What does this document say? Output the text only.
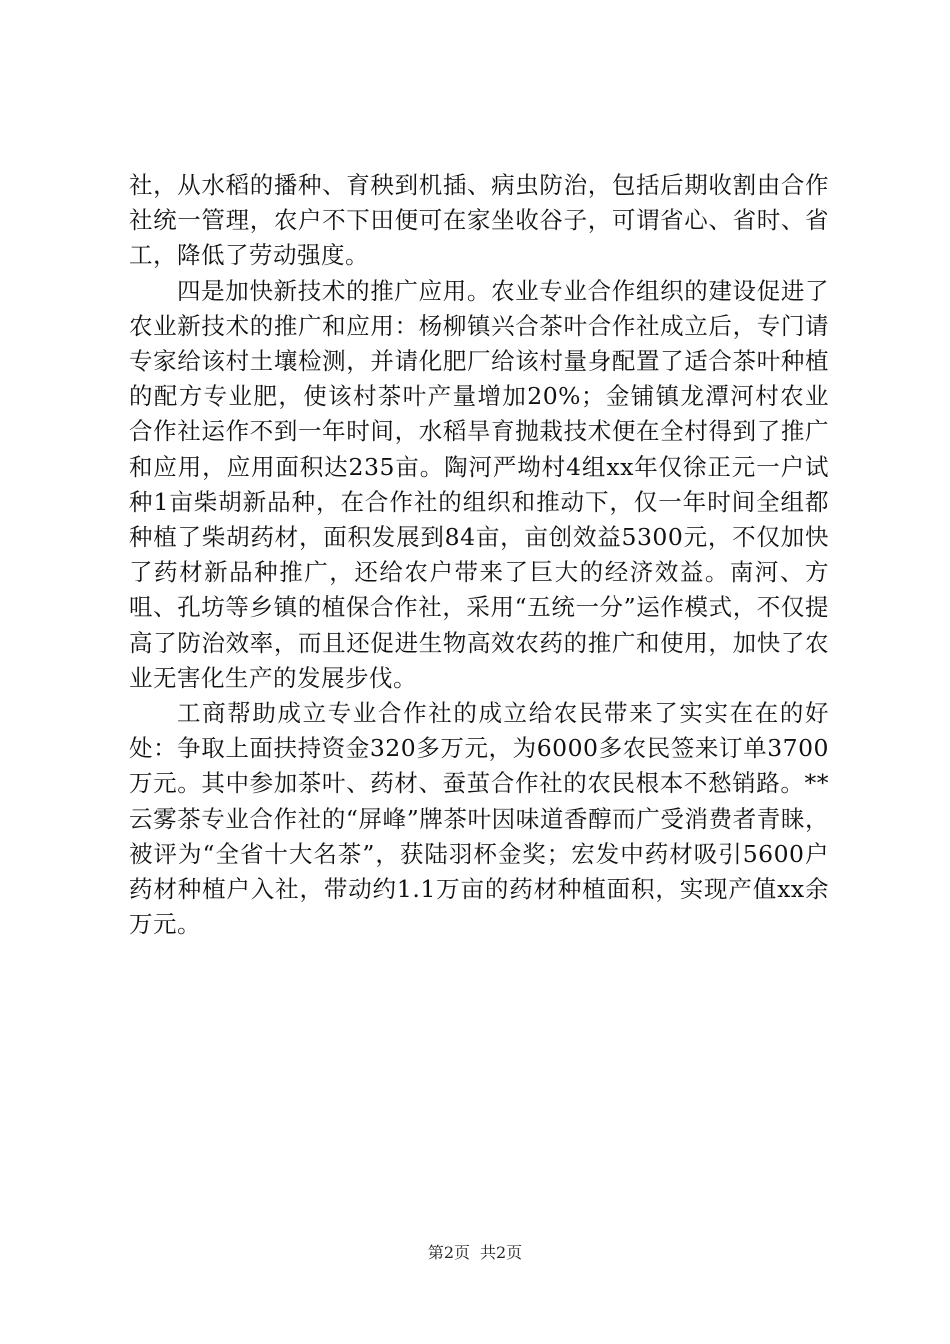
社，从水稻的播种、育秧到机插、病虫防治，包括后期收割由合作社统一管理，农户不下田便可在家坐收谷子，可谓省心、省时、省工，降低了劳动强度。

四是加快新技术的推广应用。农业专业合作组织的建设促进了农业新技术的推广和应用：杨柳镇兴合茶叶合作社成立后，专门请专家给该村土壤检测，并请化肥厂给该村量身配置了适合茶叶种植的配方专业肥，使该村茶叶产量增加20%；金铺镇龙潭河村农业合作社运作不到一年时间，水稻旱育抛栽技术便在全村得到了推广和应用，应用面积达235亩。陶河严坳村4组xx年仅徐正元一户试种1亩柴胡新品种，在合作社的组织和推动下，仅一年时间全组都种植了柴胡药材，面积发展到84亩，亩创效益5300元，不仅加快了药材新品种推广，还给农户带来了巨大的经济效益。南河、方咀、孔坊等乡镇的植保合作社，采用“五统一分”运作模式，不仅提高了防治效率，而且还促进生物高效农药的推广和使用，加快了农业无害化生产的发展步伐。

工商帮助成立专业合作社的成立给农民带来了实实在在的好处：争取上面扶持资金320多万元，为6000多农民签来订单3700万元。其中参加茶叶、药材、蚕茧合作社的农民根本不愁销路。**云雾茶专业合作社的“屏峰”牌茶叶因味道香醇而广受消费者青睐，被评为“全省十大名茶”，获陆羽杯金奖；宏发中药材吸引5600户药材种植户入社，带动约1.1万亩的药材种植面积，实现产值xx余万元。

第2页 共2页
